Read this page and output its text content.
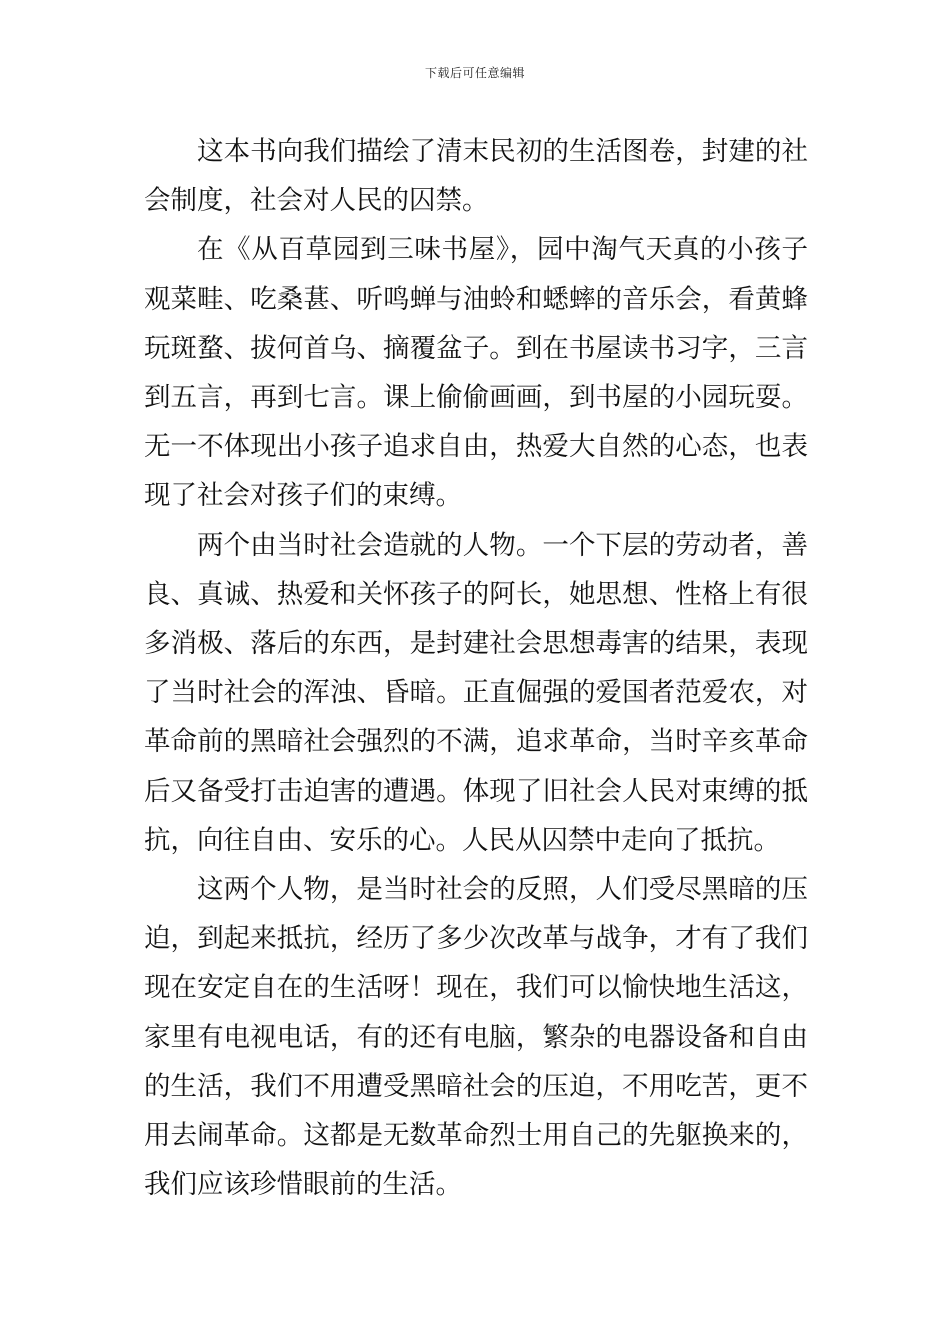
下载后可任意编辑

这本书向我们描绘了清末民初的生活图卷，封建的社会制度，社会对人民的囚禁。

在《从百草园到三味书屋》，园中淘气天真的小孩子观菜畦、吃桑葚、听鸣蝉与油蛉和蟋蟀的音乐会，看黄蜂玩斑蝥、拔何首乌、摘覆盆子。到在书屋读书习字，三言到五言，再到七言。课上偷偷画画，到书屋的小园玩耍。无一不体现出小孩子追求自由，热爱大自然的心态，也表现了社会对孩子们的束缚。

两个由当时社会造就的人物。一个下层的劳动者，善良、真诚、热爱和关怀孩子的阿长，她思想、性格上有很多消极、落后的东西，是封建社会思想毒害的结果，表现了当时社会的浑浊、昏暗。正直倔强的爱国者范爱农，对革命前的黑暗社会强烈的不满，追求革命，当时辛亥革命后又备受打击迫害的遭遇。体现了旧社会人民对束缚的抵抗，向往自由、安乐的心。人民从囚禁中走向了抵抗。

这两个人物，是当时社会的反照，人们受尽黑暗的压迫，到起来抵抗，经历了多少次改革与战争，才有了我们现在安定自在的生活呀！现在，我们可以愉快地生活这，家里有电视电话，有的还有电脑，繁杂的电器设备和自由的生活，我们不用遭受黑暗社会的压迫，不用吃苦，更不用去闹革命。这都是无数革命烈士用自己的先躯换来的，我们应该珍惜眼前的生活。
